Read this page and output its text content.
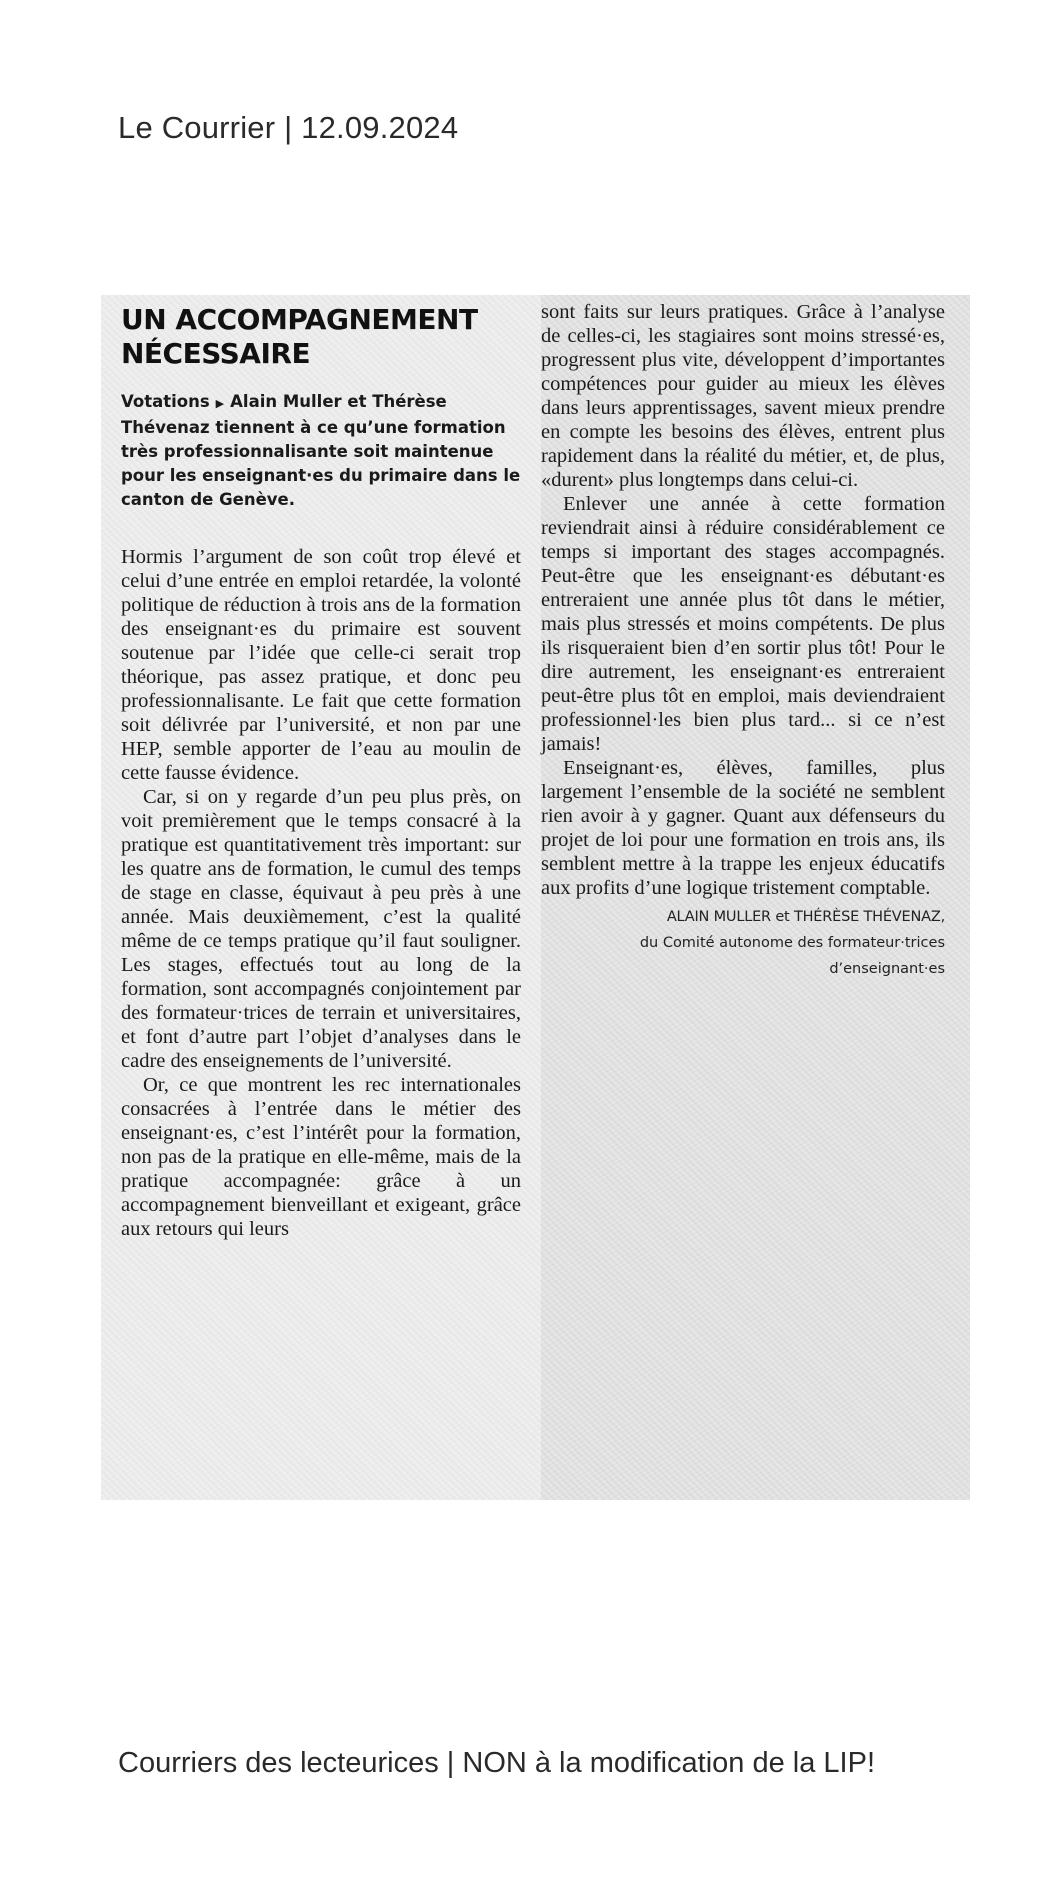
Le Courrier | 12.09.2024
UN ACCOMPAGNEMENT
NÉCESSAIRE
Votations ▶ Alain Muller et Thérèse Thévenaz tiennent à ce qu’une formation très professionnalisante soit maintenue pour les enseignant·es du primaire dans le canton de Genève.

Hormis l’argument de son coût trop élevé et celui d’une entrée en emploi retardée, la volonté politique de réduction à trois ans de la formation des enseignant·es du primaire est souvent soutenue par l’idée que celle-ci serait trop théorique, pas assez pratique, et donc peu professionnalisante. Le fait que cette formation soit délivrée par l’université, et non par une HEP, semble apporter de l’eau au moulin de cette fausse évidence.

Car, si on y regarde d’un peu plus près, on voit premièrement que le temps consacré à la pratique est quantitativement très important: sur les quatre ans de formation, le cumul des temps de stage en classe, équivaut à peu près à une année. Mais deuxièmement, c’est la qualité même de ce temps pratique qu’il faut souligner. Les stages, effectués tout au long de la formation, sont accompagnés conjointement par des formateur·trices de terrain et universitaires, et font d’autre part l’objet d’analyses dans le cadre des enseignements de l’université.

Or, ce que montrent les rec internationales consacrées à l’entrée dans le métier des enseignant·es, c’est l’intérêt pour la formation, non pas de la pratique en elle-même, mais de la pratique accompagnée: grâce à un accompagnement bienveillant et exigeant, grâce aux retours qui leurs

sont faits sur leurs pratiques. Grâce à l’analyse de celles-ci, les stagiaires sont moins stressé·es, progressent plus vite, développent d’importantes compétences pour guider au mieux les élèves dans leurs apprentissages, savent mieux prendre en compte les besoins des élèves, entrent plus rapidement dans la réalité du métier, et, de plus, «durent» plus longtemps dans celui-ci.

Enlever une année à cette formation reviendrait ainsi à réduire considérablement ce temps si important des stages accompagnés. Peut-être que les enseignant·es débutant·es entreraient une année plus tôt dans le métier, mais plus stressés et moins compétents. De plus ils risqueraient bien d’en sortir plus tôt! Pour le dire autrement, les enseignant·es entreraient peut-être plus tôt en emploi, mais deviendraient professionnel·les bien plus tard... si ce n’est jamais!

Enseignant·es, élèves, familles, plus largement l’ensemble de la société ne semblent rien avoir à y gagner. Quant aux défenseurs du projet de loi pour une formation en trois ans, ils semblent mettre à la trappe les enjeux éducatifs aux profits d’une logique tristement comptable.

ALAIN MULLER et THÉRÈSE THÉVENAZ,
du Comité autonome des formateur·trices
d’enseignant·es
Courriers des lecteurices | NON à la modification de la LIP!
